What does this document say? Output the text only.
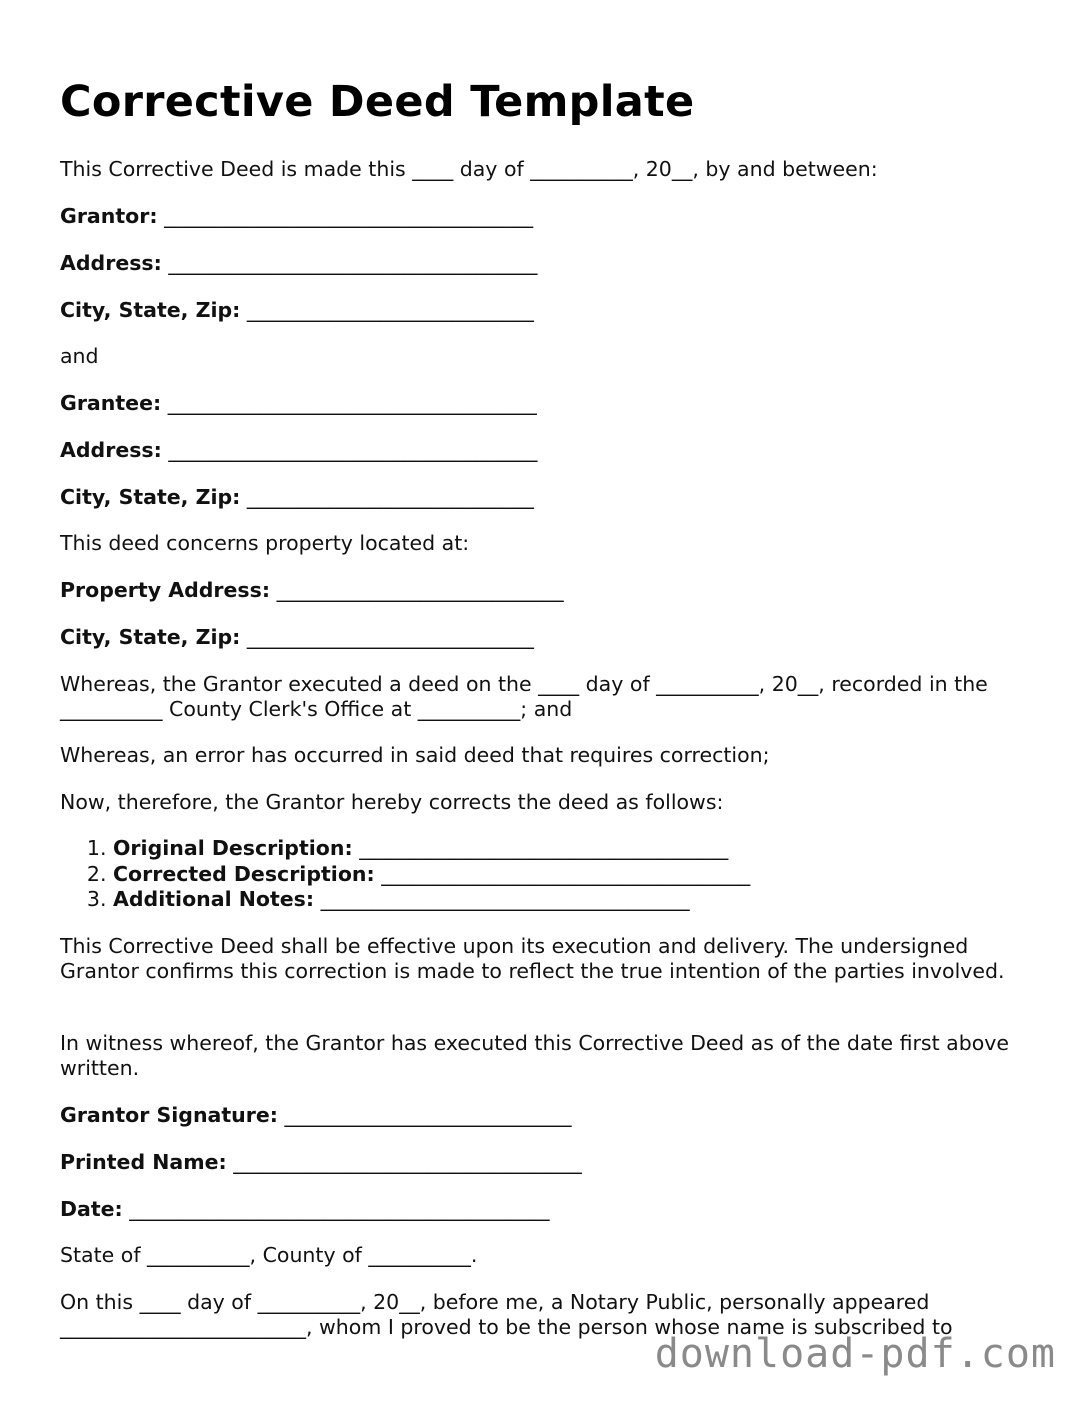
Corrective Deed Template
This Corrective Deed is made this ____ day of __________, 20__, by and between:
Grantor: ____________________________________
Address: ____________________________________
City, State, Zip: ____________________________
and
Grantee: ____________________________________
Address: ____________________________________
City, State, Zip: ____________________________
This deed concerns property located at:
Property Address: ____________________________
City, State, Zip: ____________________________
Whereas, the Grantor executed a deed on the ____ day of __________, 20__, recorded in the __________ County Clerk's Office at __________; and
Whereas, an error has occurred in said deed that requires correction;
Now, therefore, the Grantor hereby corrects the deed as follows:
1. Original Description: ____________________________________
2. Corrected Description: ____________________________________
3. Additional Notes: ____________________________________
This Corrective Deed shall be effective upon its execution and delivery. The undersigned Grantor confirms this correction is made to reflect the true intention of the parties involved.
In witness whereof, the Grantor has executed this Corrective Deed as of the date first above written.
Grantor Signature: ____________________________
Printed Name: __________________________________
Date: _________________________________________
State of __________, County of __________.
On this ____ day of __________, 20__, before me, a Notary Public, personally appeared ________________________, whom I proved to be the person whose name is subscribed to
download-pdf.com
